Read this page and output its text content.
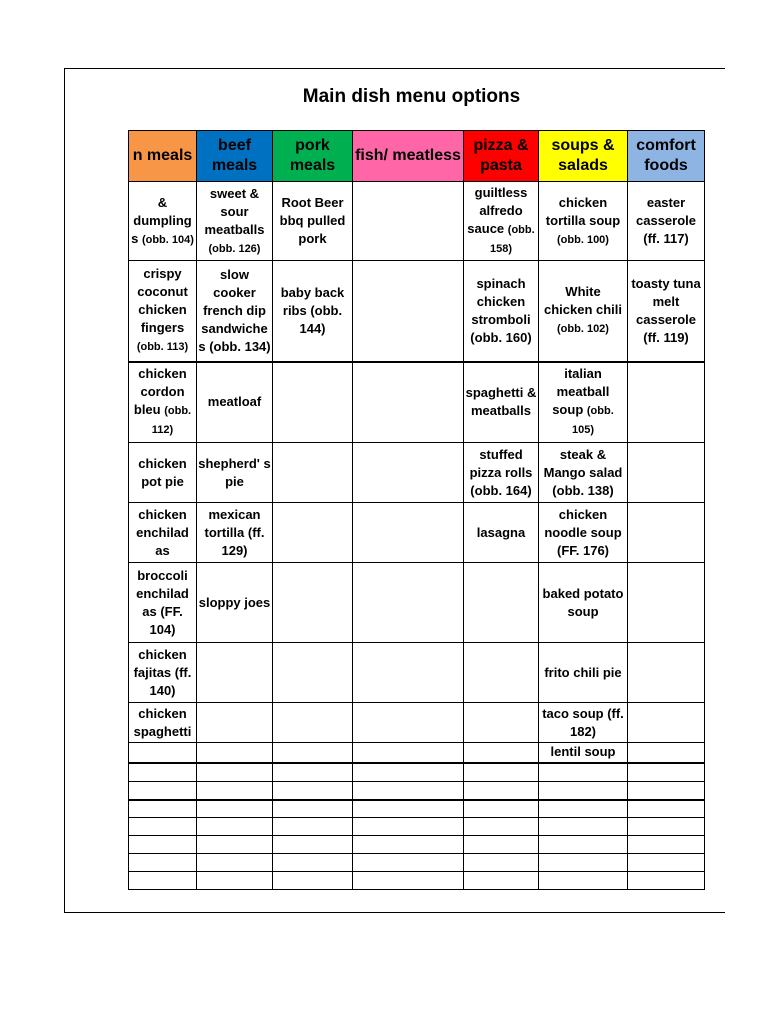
Main dish menu options
n meals	beef meals	pork meals	fish/ meatless	pizza & pasta	soups & salads	comfort foods
& dumpling s (obb. 104)	sweet & sour meatballs (obb. 126)	Root Beer bbq pulled pork		guiltless alfredo sauce (obb. 158)	chicken tortilla soup (obb. 100)	easter casserole (ff. 117)
crispy coconut chicken fingers (obb. 113)	slow cooker french dip sandwiche s (obb. 134)	baby back ribs (obb. 144)		spinach chicken stromboli (obb. 160)	White chicken chili (obb. 102)	toasty tuna melt casserole (ff. 119)
chicken cordon bleu (obb. 112)	meatloaf			spaghetti & meatballs	italian meatball soup (obb. 105)	
chicken pot pie	shepherd' s pie			stuffed pizza rolls (obb. 164)	steak & Mango salad (obb. 138)	
chicken enchilad as	mexican tortilla (ff. 129)			lasagna	chicken noodle soup (FF. 176)	
broccoli enchilad as (FF. 104)	sloppy joes				baked potato soup	
chicken fajitas (ff. 140)					frito chili pie	
chicken spaghetti					taco soup (ff. 182)	
					lentil soup	
